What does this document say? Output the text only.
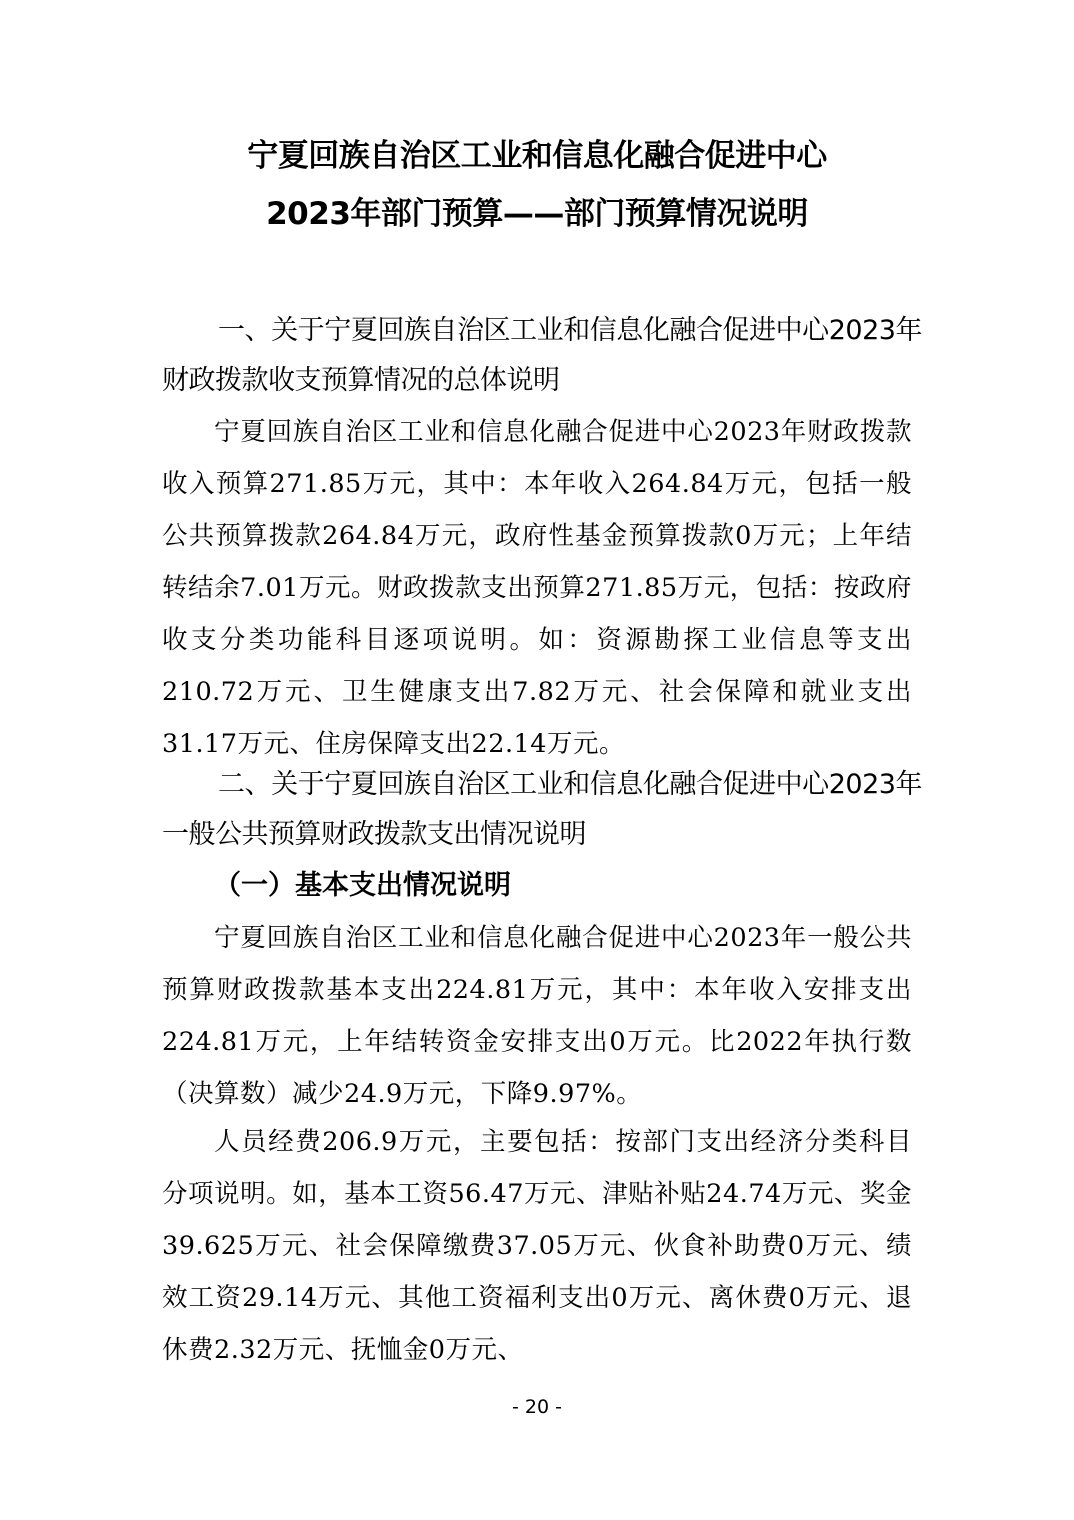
宁夏回族自治区工业和信息化融合促进中心
2023年部门预算——部门预算情况说明

一、关于宁夏回族自治区工业和信息化融合促进中心2023年财政拨款收支预算情况的总体说明

宁夏回族自治区工业和信息化融合促进中心2023年财政拨款收入预算271.85万元，其中：本年收入264.84万元，包括一般公共预算拨款264.84万元，政府性基金预算拨款0万元；上年结转结余7.01万元。财政拨款支出预算271.85万元，包括：按政府收支分类功能科目逐项说明。如：资源勘探工业信息等支出210.72万元、卫生健康支出7.82万元、社会保障和就业支出31.17万元、住房保障支出22.14万元。

二、关于宁夏回族自治区工业和信息化融合促进中心2023年一般公共预算财政拨款支出情况说明

（一）基本支出情况说明

宁夏回族自治区工业和信息化融合促进中心2023年一般公共预算财政拨款基本支出224.81万元，其中：本年收入安排支出224.81万元，上年结转资金安排支出0万元。比2022年执行数（决算数）减少24.9万元，下降9.97%。

人员经费206.9万元，主要包括：按部门支出经济分类科目分项说明。如，基本工资56.47万元、津贴补贴24.74万元、奖金39.625万元、社会保障缴费37.05万元、伙食补助费0万元、绩效工资29.14万元、其他工资福利支出0万元、离休费0万元、退休费2.32万元、抚恤金0万元、

- 20 -
